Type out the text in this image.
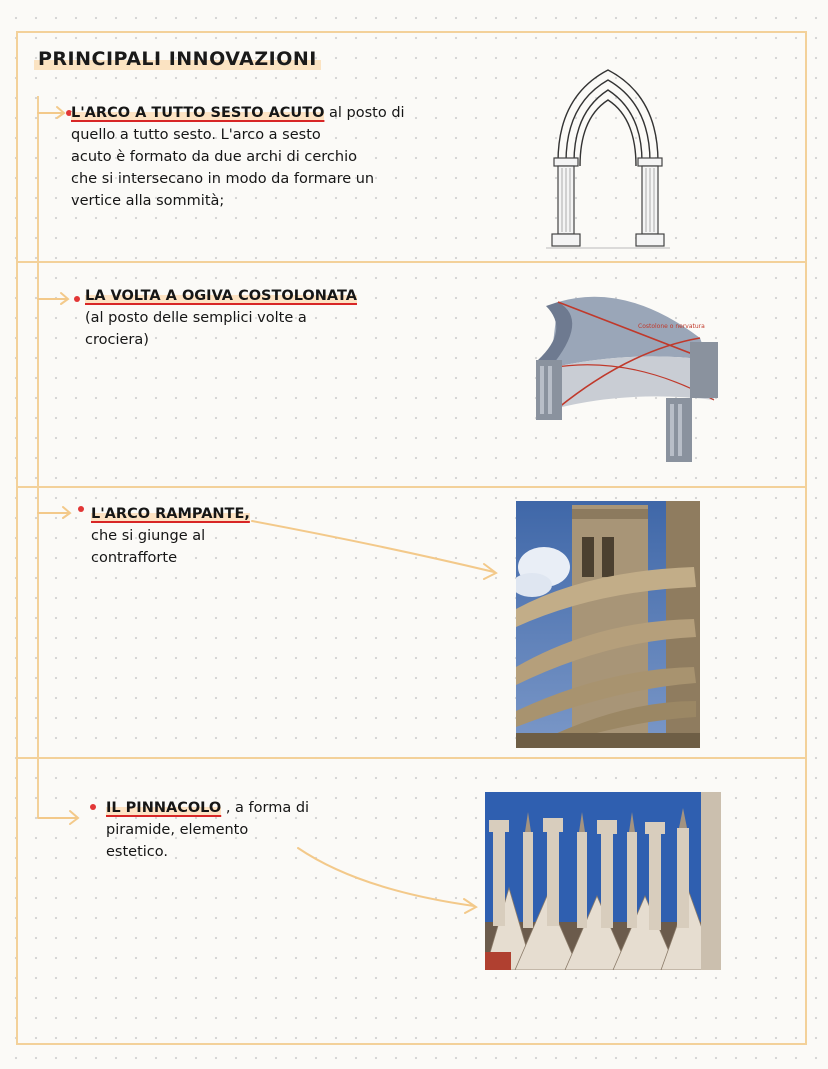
PRINCIPALI INNOVAZIONI
L'ARCO A TUTTO SESTO ACUTO al posto di
quello a tutto sesto. L'arco a sesto
acuto è formato da due archi di cerchio
che si intersecano in modo da formare un
vertice alla sommità;
LA VOLTA A OGIVA COSTOLONATA
(al posto delle semplici volte a
crociera)
Costolone o nervatura
L'ARCO RAMPANTE,
che si giunge al
contrafforte
IL PINNACOLO , a forma di
piramide, elemento
estetico.
